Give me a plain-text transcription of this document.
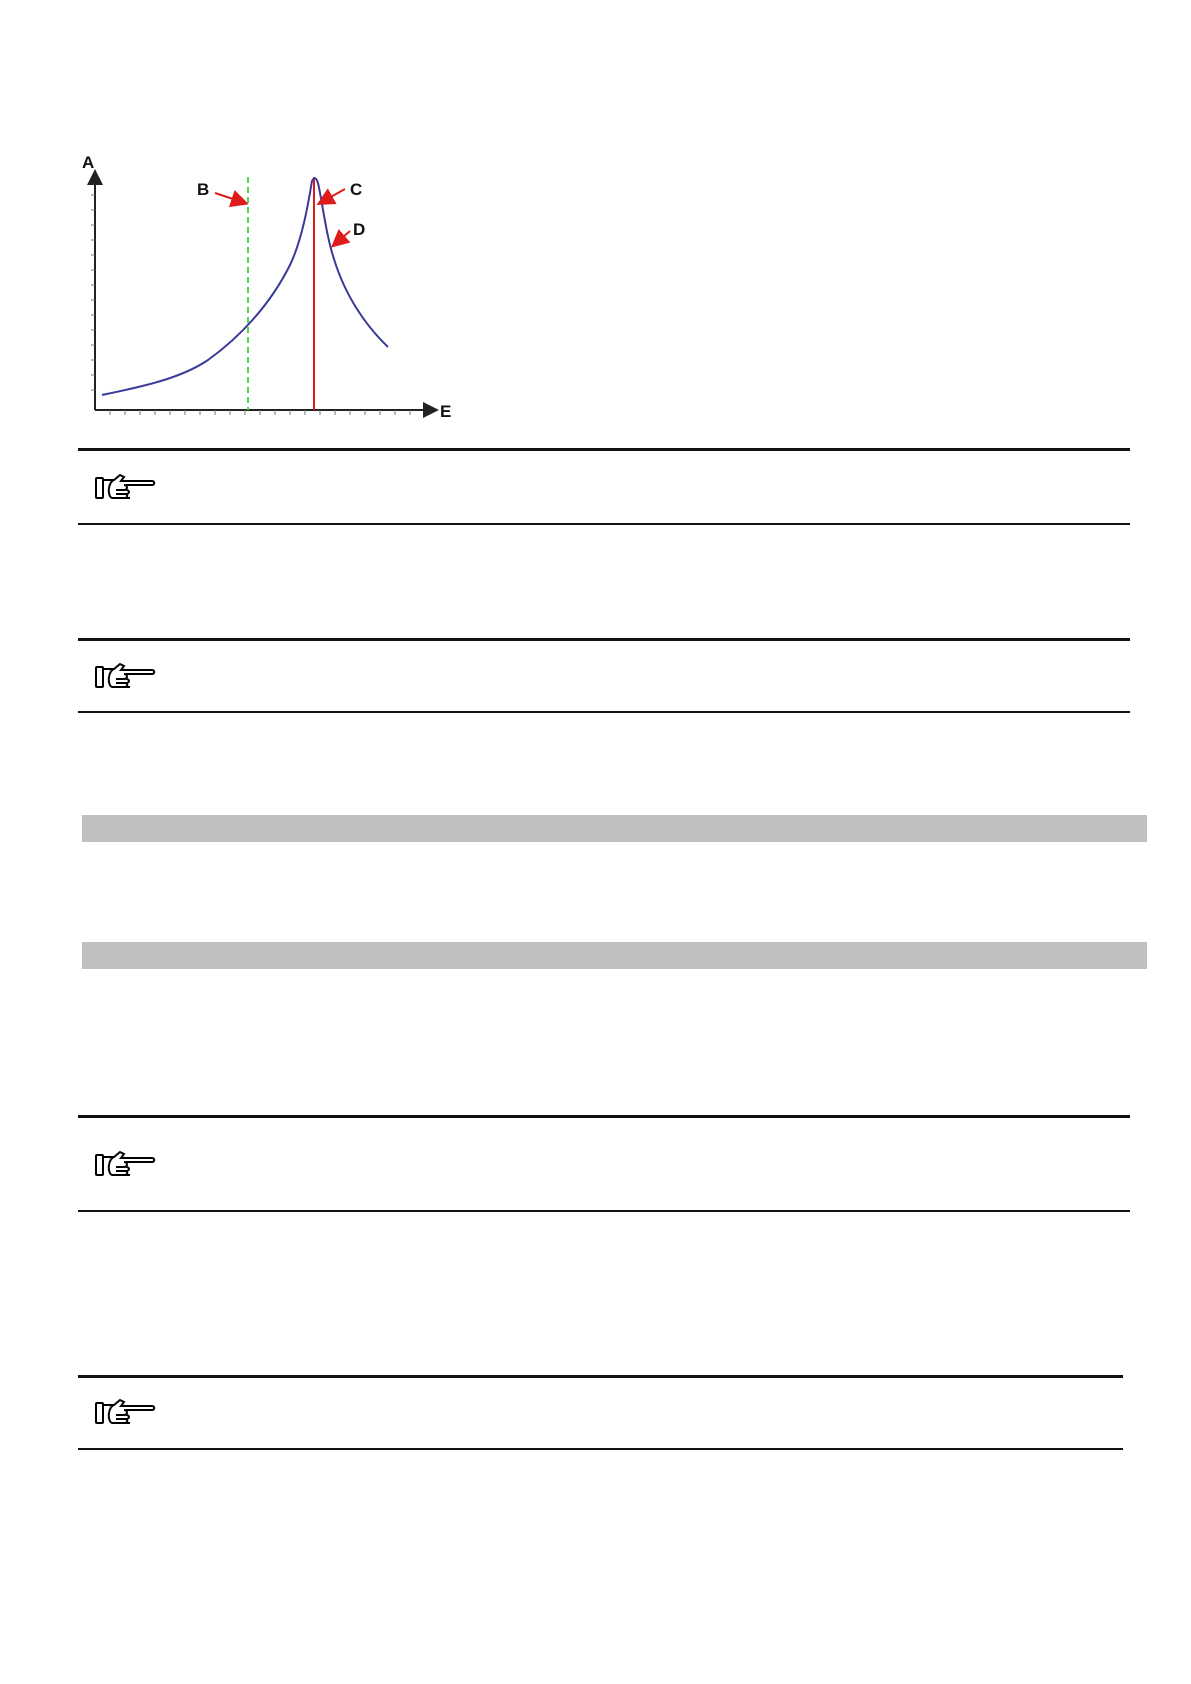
A
E
B	C
D
